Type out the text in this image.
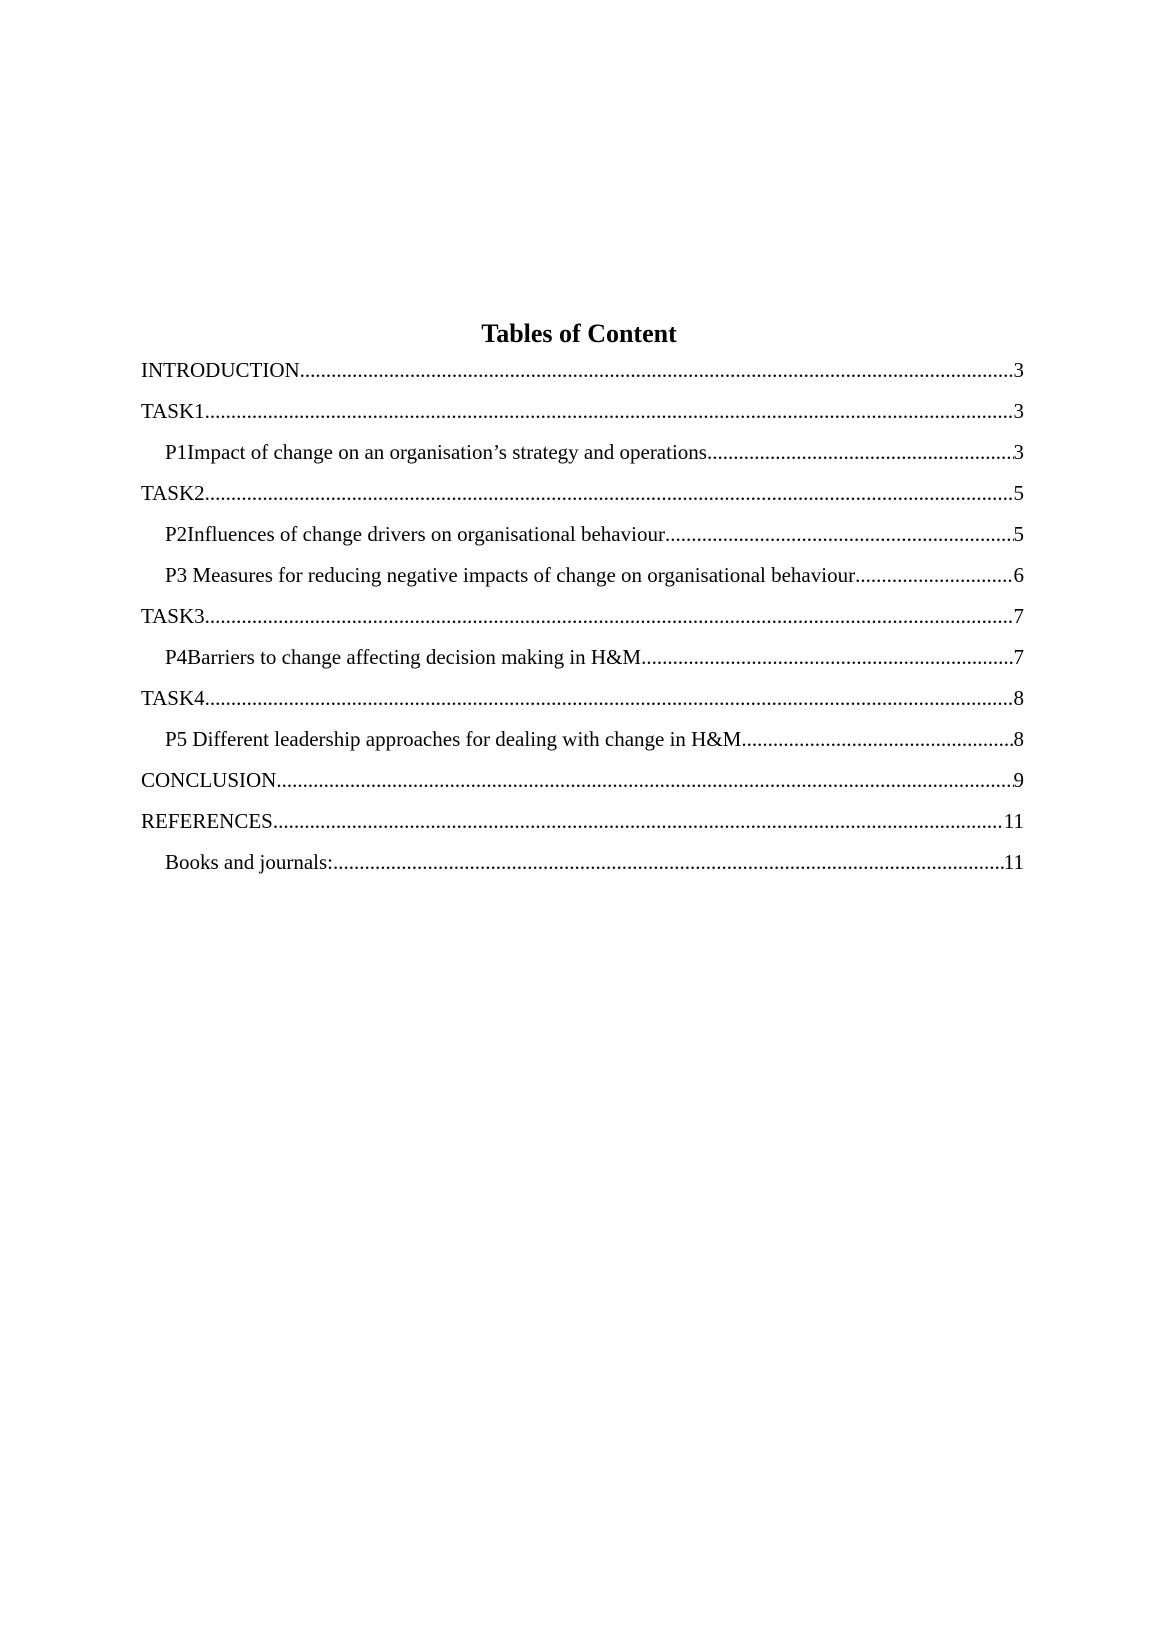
Tables of Content
INTRODUCTION .....	3
TASK1 .....	3
P1Impact of change on an organisation’s strategy and operations .....	3
TASK2 .....	5
P2Influences of change drivers on organisational behaviour .....	5
P3 Measures for reducing negative impacts of change on organisational behaviour .....	6
TASK3 .....	7
P4Barriers to change affecting decision making in H&M .....	7
TASK4 .....	8
P5 Different leadership approaches for dealing with change in H&M .....	8
CONCLUSION .....	9
REFERENCES .....	11
Books and journals: .....	11
